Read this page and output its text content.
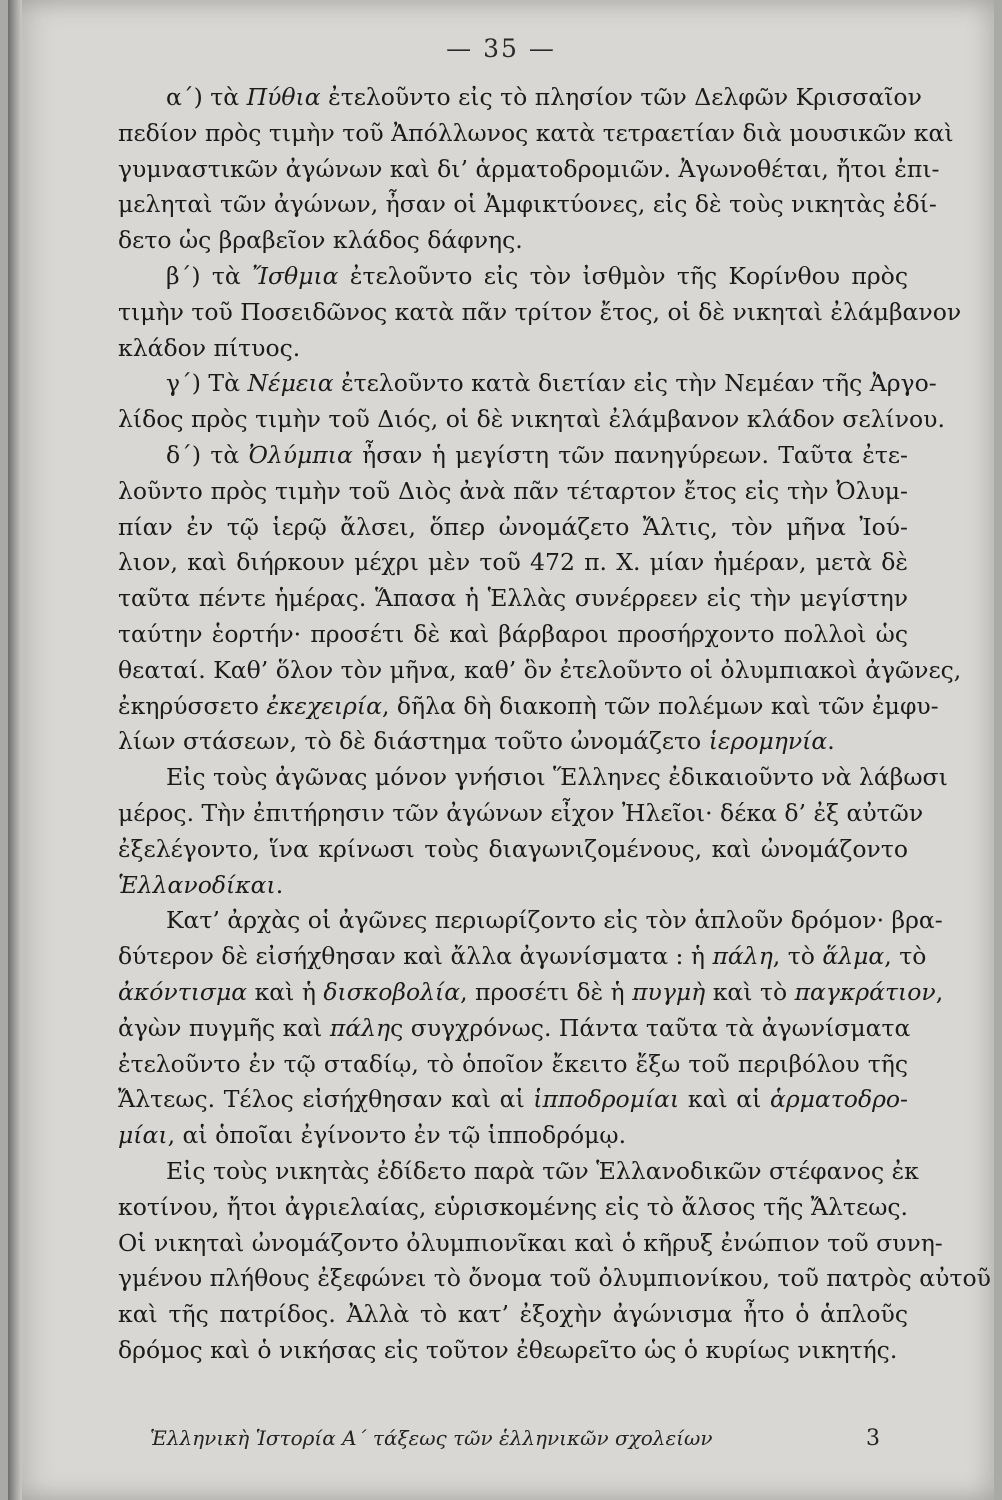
— 35 —
α΄) τὰ Πύθια ἐτελοῦντο εἰς τὸ πλησίον τῶν Δελφῶν Κρισσαῖον
πεδίον πρὸς τιμὴν τοῦ Ἀπόλλωνος κατὰ τετραετίαν διὰ μουσικῶν καὶ
γυμναστικῶν ἀγώνων καὶ δι’ ἁρματοδρομιῶν. Ἀγωνοθέται, ἤτοι ἐπι-
μεληταὶ τῶν ἀγώνων, ἦσαν οἱ Ἀμφικτύονες, εἰς δὲ τοὺς νικητὰς ἐδί-
δετο ὡς βραβεῖον κλάδος δάφνης.
β΄) τὰ Ἴσθμια ἐτελοῦντο εἰς τὸν ἰσθμὸν τῆς Κορίνθου πρὸς
τιμὴν τοῦ Ποσειδῶνος κατὰ πᾶν τρίτον ἔτος, οἱ δὲ νικηταὶ ἐλάμβανον
κλάδον πίτυος.
γ΄) Τὰ Νέμεια ἐτελοῦντο κατὰ διετίαν εἰς τὴν Νεμέαν τῆς Ἀργο-
λίδος πρὸς τιμὴν τοῦ Διός, οἱ δὲ νικηταὶ ἐλάμβανον κλάδον σελίνου.
δ΄) τὰ Ὀλύμπια ἦσαν ἡ μεγίστη τῶν πανηγύρεων. Ταῦτα ἐτε-
λοῦντο πρὸς τιμὴν τοῦ Διὸς ἀνὰ πᾶν τέταρτον ἔτος εἰς τὴν Ὀλυμ-
πίαν ἐν τῷ ἱερῷ ἄλσει, ὅπερ ὠνομάζετο Ἄλτις, τὸν μῆνα Ἰού-
λιον, καὶ διήρκουν μέχρι μὲν τοῦ 472 π. Χ. μίαν ἡμέραν, μετὰ δὲ
ταῦτα πέντε ἡμέρας. Ἅπασα ἡ Ἑλλὰς συνέρρεεν εἰς τὴν μεγίστην
ταύτην ἑορτήν· προσέτι δὲ καὶ βάρβαροι προσήρχοντο πολλοὶ ὡς
θεαταί. Καθ’ ὅλον τὸν μῆνα, καθ’ ὃν ἐτελοῦντο οἱ ὀλυμπιακοὶ ἀγῶνες,
ἐκηρύσσετο ἐκεχειρία, δῆλα δὴ διακοπὴ τῶν πολέμων καὶ τῶν ἐμφυ-
λίων στάσεων, τὸ δὲ διάστημα τοῦτο ὠνομάζετο ἱερομηνία.
Εἰς τοὺς ἀγῶνας μόνον γνήσιοι Ἕλληνες ἐδικαιοῦντο νὰ λάβωσι
μέρος. Τὴν ἐπιτήρησιν τῶν ἀγώνων εἶχον Ἠλεῖοι· δέκα δ’ ἐξ αὐτῶν
ἐξελέγοντο, ἵνα κρίνωσι τοὺς διαγωνιζομένους, καὶ ὠνομάζοντο
Ἑλλανοδίκαι.
Κατ’ ἀρχὰς οἱ ἀγῶνες περιωρίζοντο εἰς τὸν ἁπλοῦν δρόμον· βρα-
δύτερον δὲ εἰσήχθησαν καὶ ἄλλα ἀγωνίσματα : ἡ πάλη, τὸ ἅλμα, τὸ
ἀκόντισμα καὶ ἡ δισκοβολία, προσέτι δὲ ἡ πυγμὴ καὶ τὸ παγκράτιον
ἀγὼν πυγμῆς καὶ πάλης συγχρόνως. Πάντα ταῦτα τὰ ἀγωνίσματα
ἐτελοῦντο ἐν τῷ σταδίῳ, τὸ ὁποῖον ἔκειτο ἔξω τοῦ περιβόλου τῆς
Ἄλτεως. Τέλος εἰσήχθησαν καὶ αἱ ἱπποδρομίαι καὶ αἱ ἁρματοδρο-
μίαι, αἱ ὁποῖαι ἐγίνοντο ἐν τῷ ἱπποδρόμῳ.
Εἰς τοὺς νικητὰς ἐδίδετο παρὰ τῶν Ἑλλανοδικῶν στέφανος ἐκ
κοτίνου, ἤτοι ἀγριελαίας, εὑρισκομένης εἰς τὸ ἄλσος τῆς Ἄλτεως.
Οἱ νικηταὶ ὠνομάζοντο ὀλυμπιονῖκαι καὶ ὁ κῆρυξ ἐνώπιον τοῦ συνη-
γμένου πλήθους ἐξεφώνει τὸ ὄνομα τοῦ ὀλυμπιονίκου, τοῦ πατρὸς αὐτοῦ
καὶ τῆς πατρίδος. Ἀλλὰ τὸ κατ’ ἐξοχὴν ἀγώνισμα ἦτο ὁ ἁπλοῦς
δρόμος καὶ ὁ νικήσας εἰς τοῦτον ἐθεωρεῖτο ὡς ὁ κυρίως νικητής.
Ἑλληνικὴ Ἱστορία Α΄ τάξεως τῶν ἑλληνικῶν σχολείων	3
